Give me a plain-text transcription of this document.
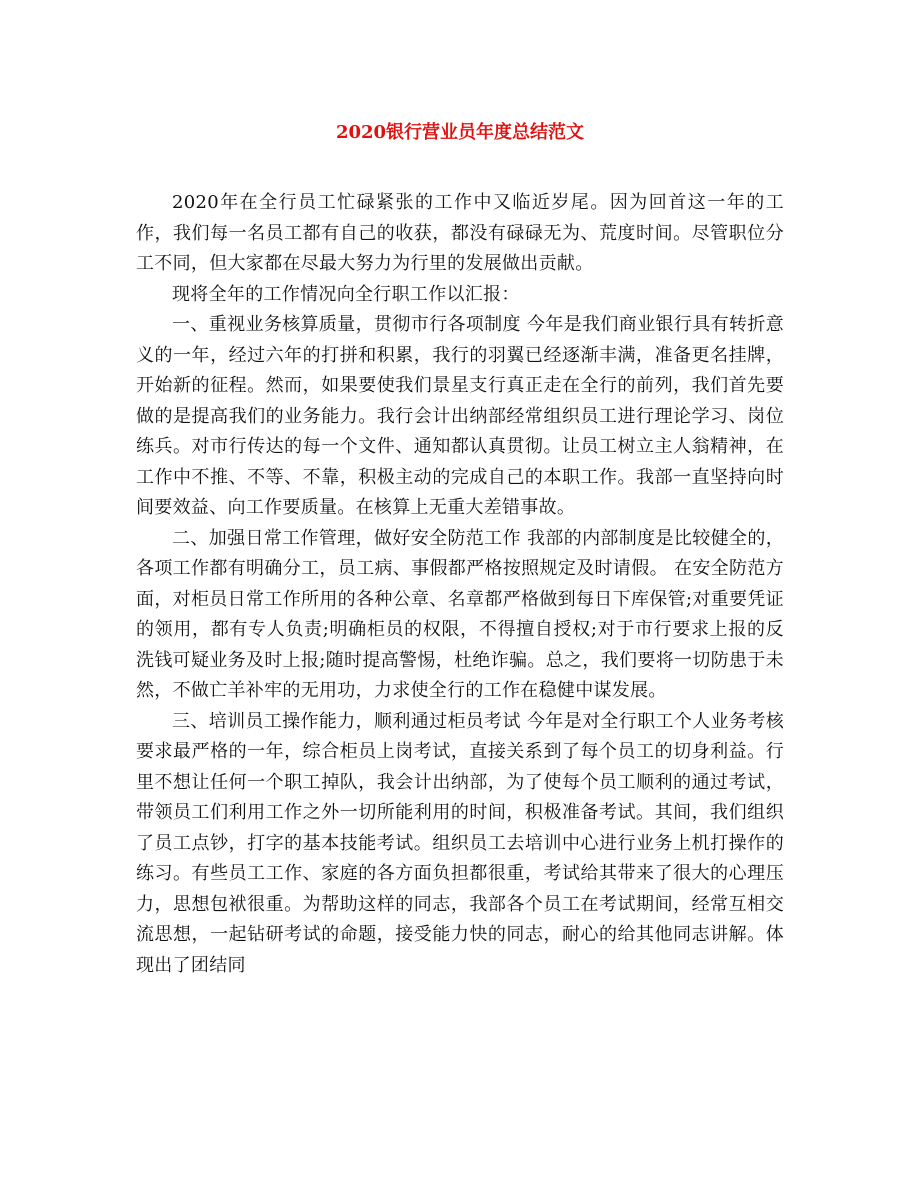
2020银行营业员年度总结范文

2020年在全行员工忙碌紧张的工作中又临近岁尾。因为回首这一年的工作，我们每一名员工都有自己的收获，都没有碌碌无为、荒度时间。尽管职位分工不同，但大家都在尽最大努力为行里的发展做出贡献。

现将全年的工作情况向全行职工作以汇报：

一、重视业务核算质量，贯彻市行各项制度 今年是我们商业银行具有转折意义的一年，经过六年的打拼和积累，我行的羽翼已经逐渐丰满，准备更名挂牌，开始新的征程。然而，如果要使我们景星支行真正走在全行的前列，我们首先要做的是提高我们的业务能力。我行会计出纳部经常组织员工进行理论学习、岗位练兵。对市行传达的每一个文件、通知都认真贯彻。让员工树立主人翁精神，在工作中不推、不等、不靠，积极主动的完成自己的本职工作。我部一直坚持向时间要效益、向工作要质量。在核算上无重大差错事故。

二、加强日常工作管理，做好安全防范工作 我部的内部制度是比较健全的，各项工作都有明确分工，员工病、事假都严格按照规定及时请假。 在安全防范方面，对柜员日常工作所用的各种公章、名章都严格做到每日下库保管;对重要凭证的领用，都有专人负责;明确柜员的权限，不得擅自授权;对于市行要求上报的反洗钱可疑业务及时上报;随时提高警惕，杜绝诈骗。总之，我们要将一切防患于未然，不做亡羊补牢的无用功，力求使全行的工作在稳健中谋发展。

三、培训员工操作能力，顺利通过柜员考试 今年是对全行职工个人业务考核要求最严格的一年，综合柜员上岗考试，直接关系到了每个员工的切身利益。行里不想让任何一个职工掉队，我会计出纳部，为了使每个员工顺利的通过考试，带领员工们利用工作之外一切所能利用的时间，积极准备考试。其间，我们组织了员工点钞，打字的基本技能考试。组织员工去培训中心进行业务上机打操作的练习。有些员工工作、家庭的各方面负担都很重，考试给其带来了很大的心理压力，思想包袱很重。为帮助这样的同志，我部各个员工在考试期间，经常互相交流思想，一起钻研考试的命题，接受能力快的同志，耐心的给其他同志讲解。体现出了团结同
